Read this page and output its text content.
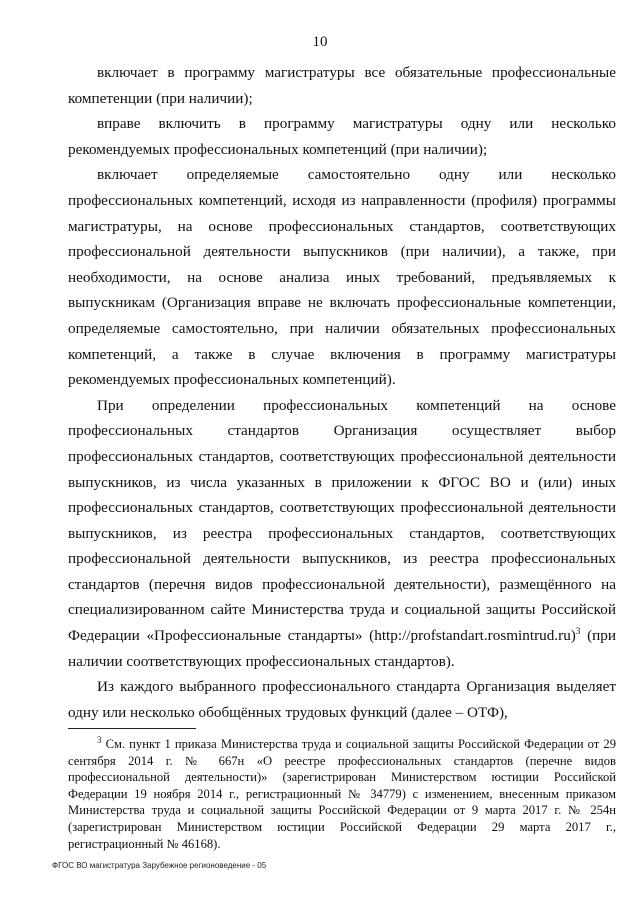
10

включает в программу магистратуры все обязательные профессиональные компетенции (при наличии);

вправе включить в программу магистратуры одну или несколько рекомендуемых профессиональных компетенций (при наличии);

включает определяемые самостоятельно одну или несколько профессиональных компетенций, исходя из направленности (профиля) программы магистратуры, на основе профессиональных стандартов, соответствующих профессиональной деятельности выпускников (при наличии), а также, при необходимости, на основе анализа иных требований, предъявляемых к выпускникам (Организация вправе не включать профессиональные компетенции, определяемые самостоятельно, при наличии обязательных профессиональных компетенций, а также в случае включения в программу магистратуры рекомендуемых профессиональных компетенций).

При определении профессиональных компетенций на основе профессиональных стандартов Организация осуществляет выбор профессиональных стандартов, соответствующих профессиональной деятельности выпускников, из числа указанных в приложении к ФГОС ВО и (или) иных профессиональных стандартов, соответствующих профессиональной деятельности выпускников, из реестра профессиональных стандартов, соответствующих профессиональной деятельности выпускников, из реестра профессиональных стандартов (перечня видов профессиональной деятельности), размещённого на специализированном сайте Министерства труда и социальной защиты Российской Федерации «Профессиональные стандарты» (http://profstandart.rosmintrud.ru)$^3$ (при наличии соответствующих профессиональных стандартов).

Из каждого выбранного профессионального стандарта Организация выделяет одну или несколько обобщённых трудовых функций (далее – ОТФ),

$^3$ См. пункт 1 приказа Министерства труда и социальной защиты Российской Федерации от 29 сентября 2014 г. № 667н «О реестре профессиональных стандартов (перечне видов профессиональной деятельности)» (зарегистрирован Министерством юстиции Российской Федерации 19 ноября 2014 г., регистрационный № 34779) с изменением, внесенным приказом Министерства труда и социальной защиты Российской Федерации от 9 марта 2017 г. № 254н (зарегистрирован Министерством юстиции Российской Федерации 29 марта 2017 г., регистрационный № 46168).

ФГОС ВО магистратура Зарубежное регионоведение - 05
